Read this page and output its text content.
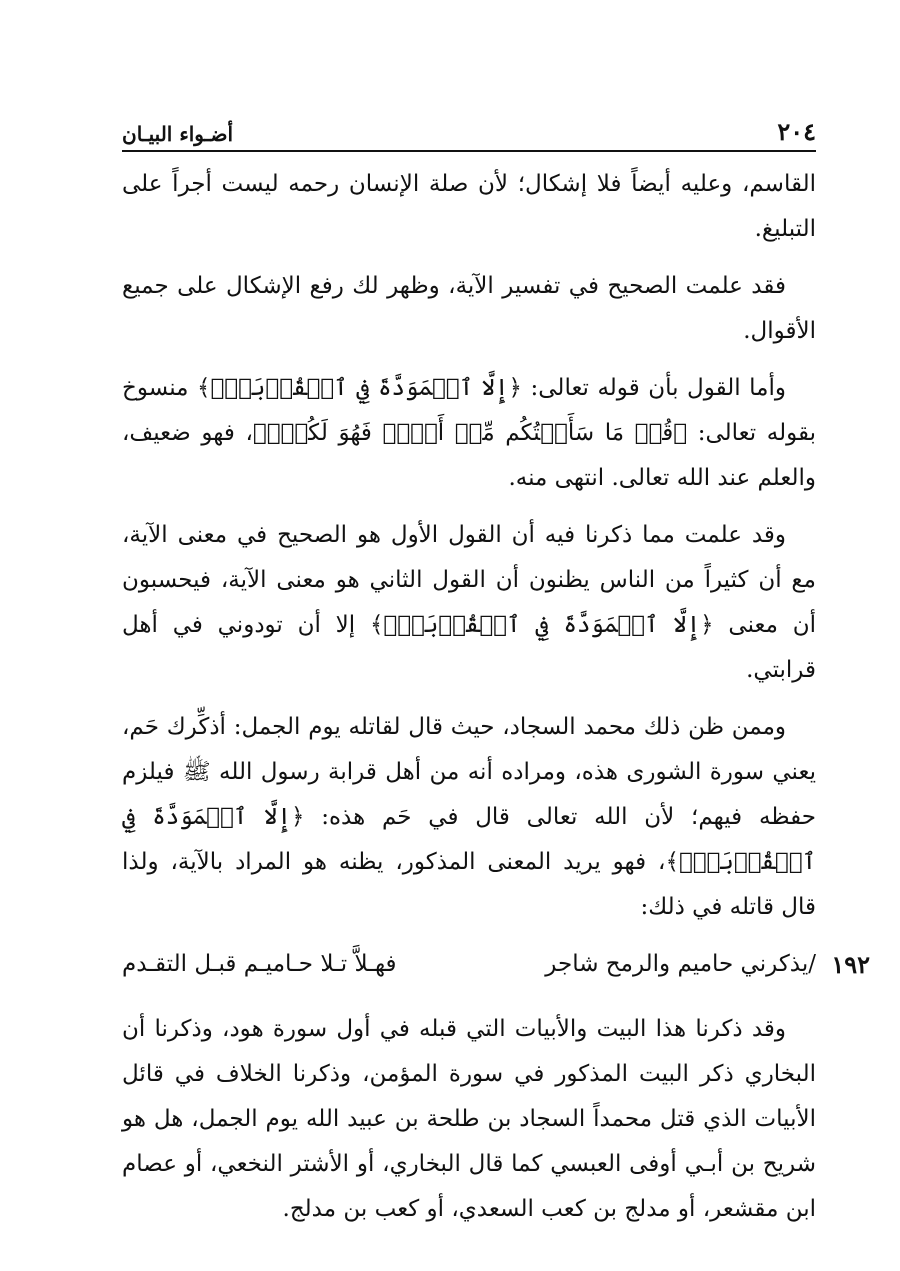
٢٠٤
أضـواء البيـان

القاسم، وعليه أيضاً فلا إشكال؛ لأن صلة الإنسان رحمه ليست أجراً على التبليغ.

فقد علمت الصحيح في تفسير الآية، وظهر لك رفع الإشكال على جميع الأقوال.

وأما القول بأن قوله تعالى: ﴿إِلَّا ٱلۡمَوَدَّةَ فِي ٱلۡقُرۡبَىٰۗ﴾ منسوخ بقوله تعالى: ﴿قُلۡ مَا سَأَلۡتُكُم مِّنۡ أَجۡرٖ فَهُوَ لَكُمۡۖ﴾، فهو ضعيف، والعلم عند الله تعالى. انتهى منه.

وقد علمت مما ذكرنا فيه أن القول الأول هو الصحيح في معنى الآية، مع أن كثيراً من الناس يظنون أن القول الثاني هو معنى الآية، فيحسبون أن معنى ﴿إِلَّا ٱلۡمَوَدَّةَ فِي ٱلۡقُرۡبَىٰۗ﴾ إلا أن تودوني في أهل قرابتي.

وممن ظن ذلك محمد السجاد، حيث قال لقاتله يوم الجمل: أذكِّرك حَم، يعني سورة الشورى هذه، ومراده أنه من أهل قرابة رسول الله ﷺ فيلزم حفظه فيهم؛ لأن الله تعالى قال في حَم هذه: ﴿إِلَّا ٱلۡمَوَدَّةَ فِي ٱلۡقُرۡبَىٰۗ﴾، فهو يريد المعنى المذكور، يظنه هو المراد بالآية، ولذا قال قاتله في ذلك:

١٩٢
/يذكرني حاميم والرمح شاجر
فهـلاَّ تـلا حـاميـم قبـل التقـدم

وقد ذكرنا هذا البيت والأبيات التي قبله في أول سورة هود، وذكرنا أن البخاري ذكر البيت المذكور في سورة المؤمن، وذكرنا الخلاف في قائل الأبيات الذي قتل محمداً السجاد بن طلحة بن عبيد الله يوم الجمل، هل هو شريح بن أبـي أوفى العبسي كما قال البخاري، أو الأشتر النخعي، أو عصام ابن مقشعر، أو مدلج بن كعب السعدي، أو كعب بن مدلج.
